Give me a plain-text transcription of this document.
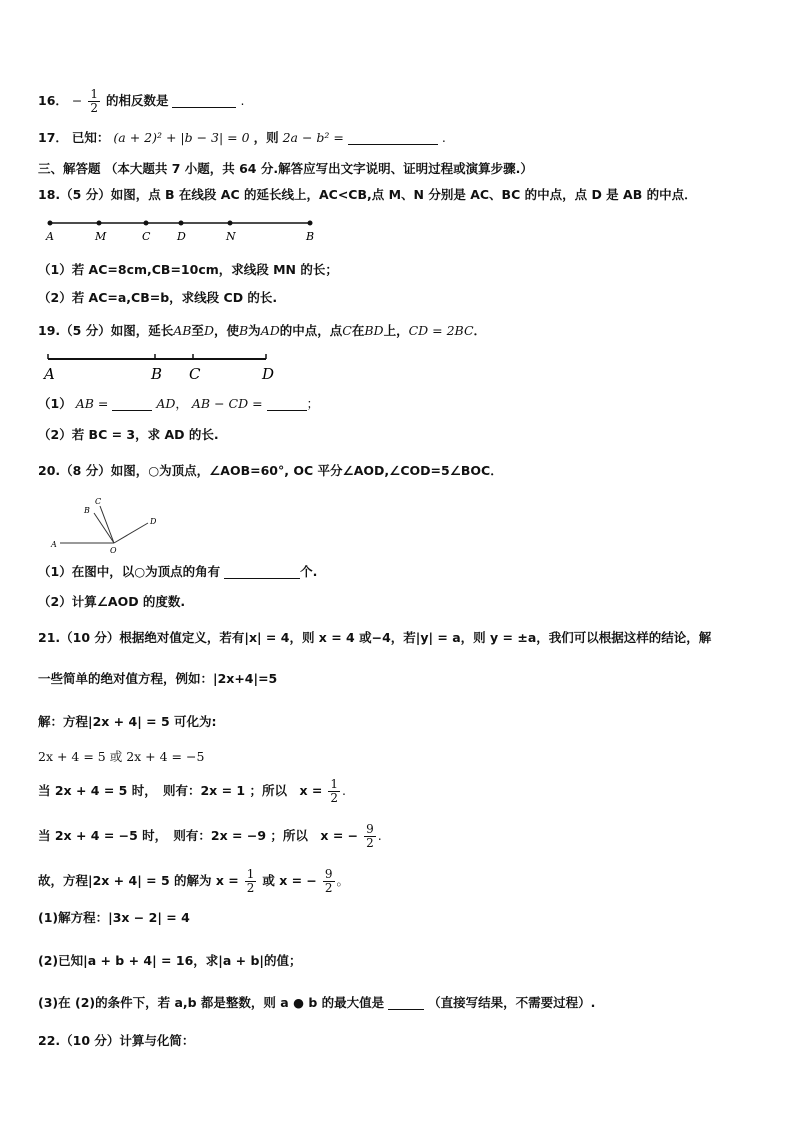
16． − $\frac{1}{2}$ 的相反数是	.
17． 已知： (a + 2)² + |b − 3| = 0 ，则 2a − b² =	.
三、解答题 （本大题共 7 小题，共 64 分.解答应写出文字说明、证明过程或演算步骤.）
18.（5 分）如图，点 B 在线段 AC 的延长线上，AC<CB,点 M、N 分别是 AC、BC 的中点，点 D 是 AB 的中点．
A	M	C D	N	B
（1）若 AC=8cm,CB=10cm，求线段 MN 的长；
（2）若 AC=a,CB=b，求线段 CD 的长.
19.（5 分）如图，延长AB至D，使B为AD的中点，点C在BD上，CD = 2BC．
A	B C	D
（1） AB =	AD， AB − CD =	；
（2）若 BC = 3，求 AD 的长.
20.（8 分）如图，○为顶点，∠AOB=60°, OC 平分∠AOD,∠COD=5∠BOC．
A
B
C
D
O
（1）在图中，以○为顶点的角有	个.
（2）计算∠AOD 的度数.
21.（10 分）根据绝对值定义，若有|x| = 4，则 x = 4 或−4，若|y| = a，则 y = ±a，我们可以根据这样的结论，解
一些简单的绝对值方程，例如：|2x+4|=5
解：方程|2x + 4| = 5 可化为:
2x + 4 = 5 或 2x + 4 = −5
当 2x + 4 = 5 时，　则有：2x = 1 ；所以　$x = \frac{1}{2}$ .
当 2x + 4 = −5 时，　则有：2x = −9 ；所以　x = − $\frac{9}{2}$ .
故，方程|2x + 4| = 5 的解为 $x = \frac{1}{2}$ 或 x = − $\frac{9}{2}$ 。
(1)解方程：|3x − 2| = 4
(2)已知|a + b + 4| = 16，求|a + b|的值；
(3)在 (2)的条件下，若 a,b 都是整数，则 a ● b 的最大值是	（直接写结果，不需要过程）.
22.（10 分）计算与化简：
